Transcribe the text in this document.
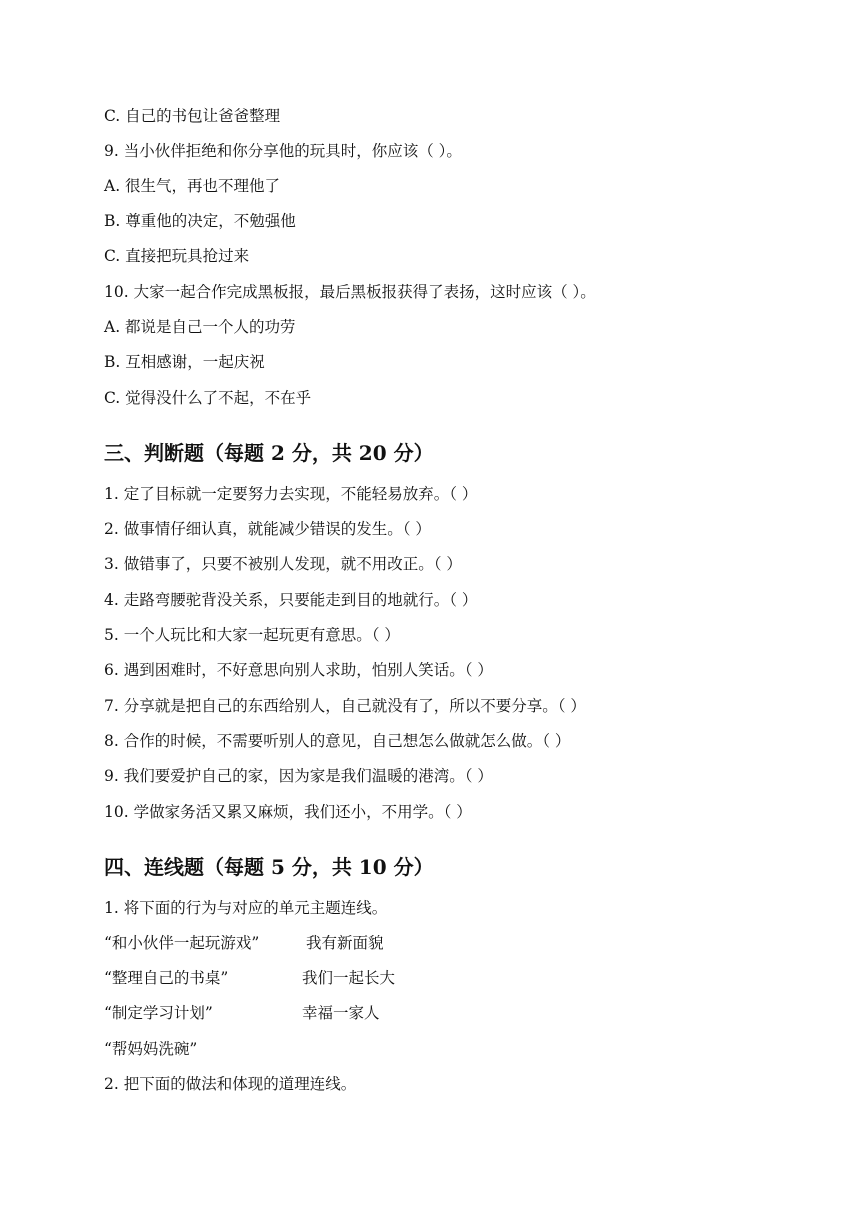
C. 自己的书包让爸爸整理
9. 当小伙伴拒绝和你分享他的玩具时，你应该（ ）。
A. 很生气，再也不理他了
B. 尊重他的决定，不勉强他
C. 直接把玩具抢过来
10. 大家一起合作完成黑板报，最后黑板报获得了表扬，这时应该（ ）。
A. 都说是自己一个人的功劳
B. 互相感谢，一起庆祝
C. 觉得没什么了不起，不在乎
三、判断题（每题 2 分，共 20 分）
1. 定了目标就一定要努力去实现，不能轻易放弃。（ ）
2. 做事情仔细认真，就能减少错误的发生。（ ）
3. 做错事了，只要不被别人发现，就不用改正。（ ）
4. 走路弯腰驼背没关系，只要能走到目的地就行。（ ）
5. 一个人玩比和大家一起玩更有意思。（ ）
6. 遇到困难时，不好意思向别人求助，怕别人笑话。（ ）
7. 分享就是把自己的东西给别人，自己就没有了，所以不要分享。（ ）
8. 合作的时候，不需要听别人的意见，自己想怎么做就怎么做。（ ）
9. 我们要爱护自己的家，因为家是我们温暖的港湾。（ ）
10. 学做家务活又累又麻烦，我们还小，不用学。（ ）
四、连线题（每题 5 分，共 10 分）
1. 将下面的行为与对应的单元主题连线。
“和小伙伴一起玩游戏”	我有新面貌
“整理自己的书桌”	我们一起长大
“制定学习计划”	幸福一家人
“帮妈妈洗碗”
2. 把下面的做法和体现的道理连线。
